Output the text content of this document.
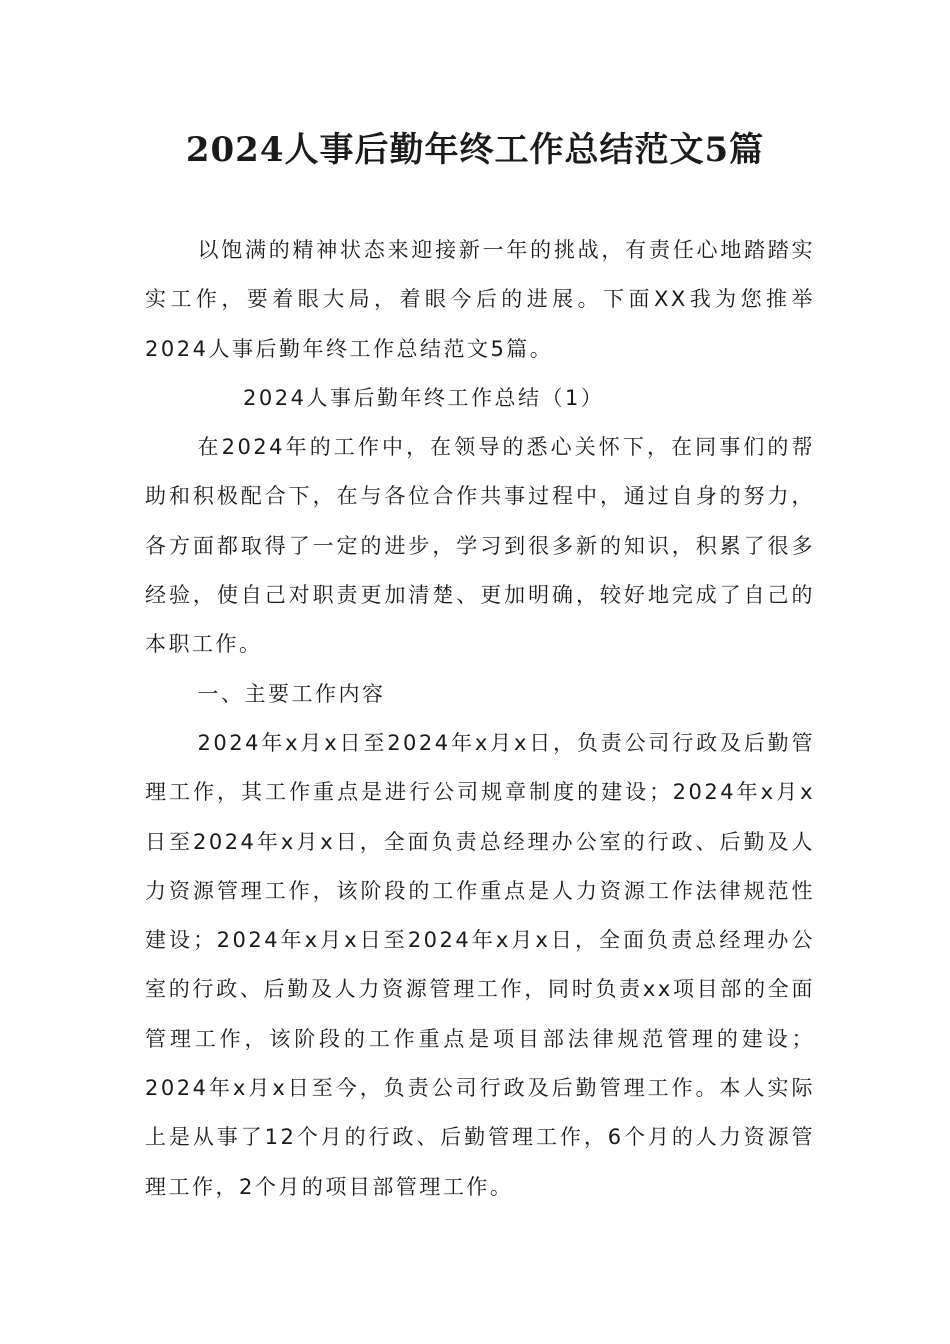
2024人事后勤年终工作总结范文5篇

以饱满的精神状态来迎接新一年的挑战，有责任心地踏踏实实工作，要着眼大局，着眼今后的进展。下面XX我为您推举2024人事后勤年终工作总结范文5篇。

2024人事后勤年终工作总结（1）

在2024年的工作中，在领导的悉心关怀下，在同事们的帮助和积极配合下，在与各位合作共事过程中，通过自身的努力，各方面都取得了一定的进步，学习到很多新的知识，积累了很多经验，使自己对职责更加清楚、更加明确，较好地完成了自己的本职工作。

一、主要工作内容

2024年x月x日至2024年x月x日，负责公司行政及后勤管理工作，其工作重点是进行公司规章制度的建设；2024年x月x日至2024年x月x日，全面负责总经理办公室的行政、后勤及人力资源管理工作，该阶段的工作重点是人力资源工作法律规范性建设；2024年x月x日至2024年x月x日，全面负责总经理办公室的行政、后勤及人力资源管理工作，同时负责xx项目部的全面管理工作，该阶段的工作重点是项目部法律规范管理的建设；2024年x月x日至今，负责公司行政及后勤管理工作。本人实际上是从事了12个月的行政、后勤管理工作，6个月的人力资源管理工作，2个月的项目部管理工作。
